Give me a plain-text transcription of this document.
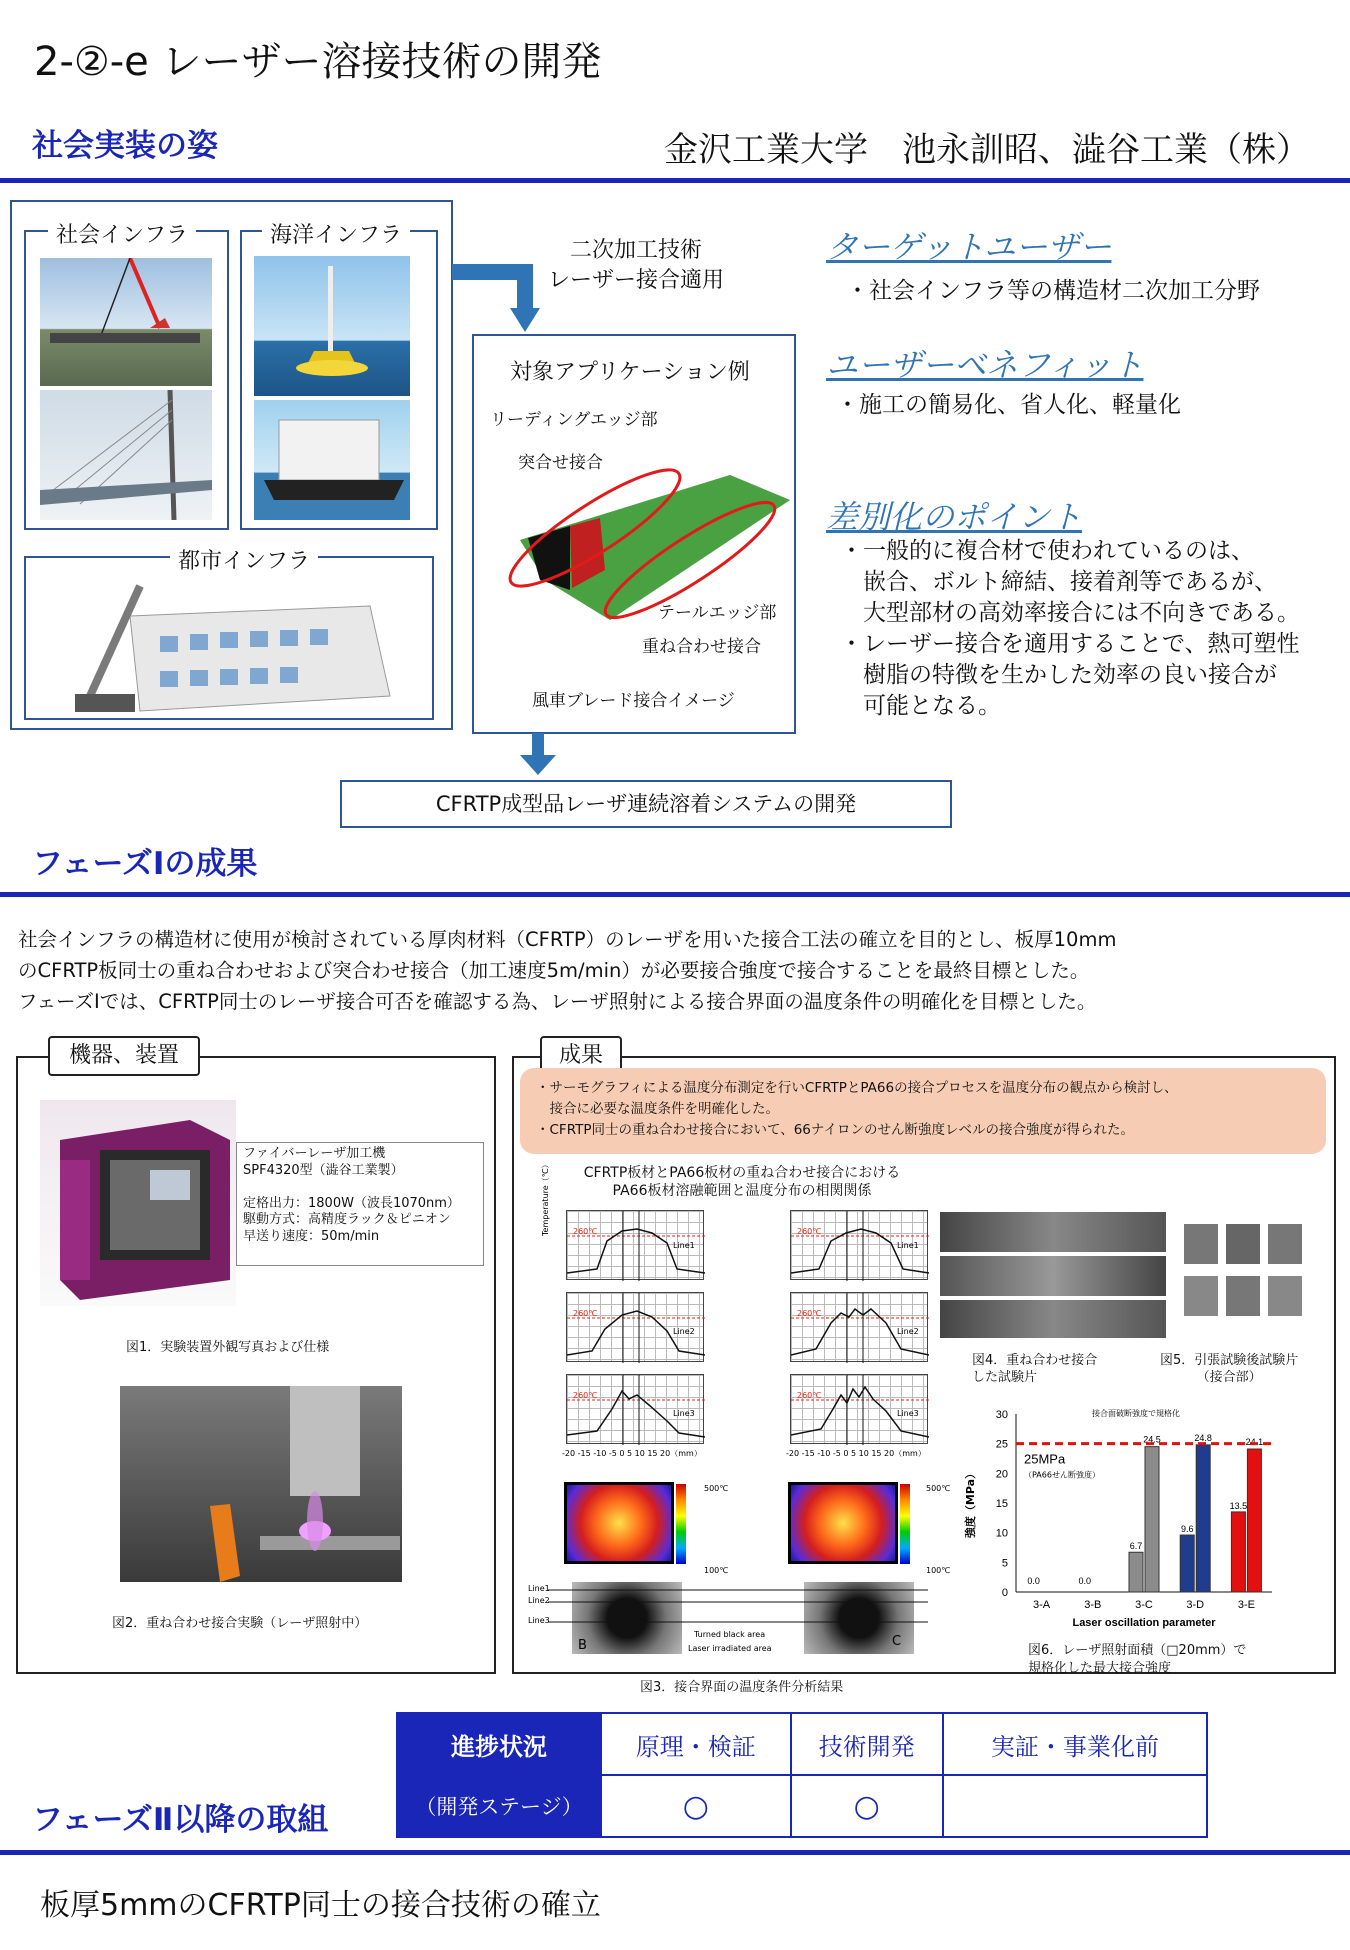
2-②-e レーザー溶接技術の開発
社会実装の姿	金沢工業大学　池永訓昭、澁谷工業（株）
社会インフラ	海洋インフラ
都市インフラ
二次加工技術
レーザー接合適用
対象アプリケーション例
リーディングエッジ部
突合せ接合
テールエッジ部
重ね合わせ接合
風車ブレード接合イメージ
CFRTP成型品レーザ連続溶着システムの開発
ターゲットユーザー
・社会インフラ等の構造材二次加工分野
ユーザーベネフィット
・施工の簡易化、省人化、軽量化
差別化のポイント
・一般的に複合材で使われているのは、
　嵌合、ボルト締結、接着剤等であるが、
　大型部材の高効率接合には不向きである。
・レーザー接合を適用することで、熱可塑性
　樹脂の特徴を生かした効率の良い接合が
　可能となる。
フェーズⅠの成果
社会インフラの構造材に使用が検討されている厚肉材料（CFRTP）のレーザを用いた接合工法の確立を目的とし、板厚10mm
のCFRTP板同士の重ね合わせおよび突合わせ接合（加工速度5m/min）が必要接合強度で接合することを最終目標とした。
フェーズⅠでは、CFRTP同士のレーザ接合可否を確認する為、レーザ照射による接合界面の温度条件の明確化を目標とした。
機器、装置
ファイバーレーザ加工機
SPF4320型（澁谷工業製）

定格出力：1800W（波長1070nm）
駆動方式：高精度ラック＆ピニオン
早送り速度：50m/min
図1．実験装置外観写真および仕様
図2．重ね合わせ接合実験（レーザ照射中）
成果
・サーモグラフィによる温度分布測定を行いCFRTPとPA66の接合プロセスを温度分布の観点から検討し、
　接合に必要な温度条件を明確化した。
・CFRTP同士の重ね合わせ接合において、66ナイロンのせん断強度レベルの接合強度が得られた。
CFRTP板材とPA66板材の重ね合わせ接合における
PA66板材溶融範囲と温度分布の相関関係
Temperature（℃）	260℃
Line1
260℃
Line2
260℃
Line3
-20 -15 -10 -5 0 5 10 15 20（mm）
260℃
Line1
260℃
Line2
260℃
Line3
-20 -15 -10 -5 0 5 10 15 20（mm）
500℃
100℃
500℃
100℃
Line1
Line2
Line3
B	C
Turned black area
Laser irradiated area
図3．接合界面の温度条件分析結果
図4．重ね合わせ接合
した試験片
図5．引張試験後試験片
（接合部）
0
5
10
15
20
25
30
強度（MPa）
0.0
3-A
0.0
3-B
6.7
24.5
3-C
9.6
24.8
3-D
13.5
24.1
3-E
25MPa
（PA66せん断強度）
接合面破断強度で規格化
Laser oscillation parameter
図6．レーザ照射面積（□20mm）で
規格化した最大接合強度
進捗状況	原理・検証	技術開発	実証・事業化前
（開発ステージ）	○	○	
フェーズⅡ以降の取組
板厚5mmのCFRTP同士の接合技術の確立
